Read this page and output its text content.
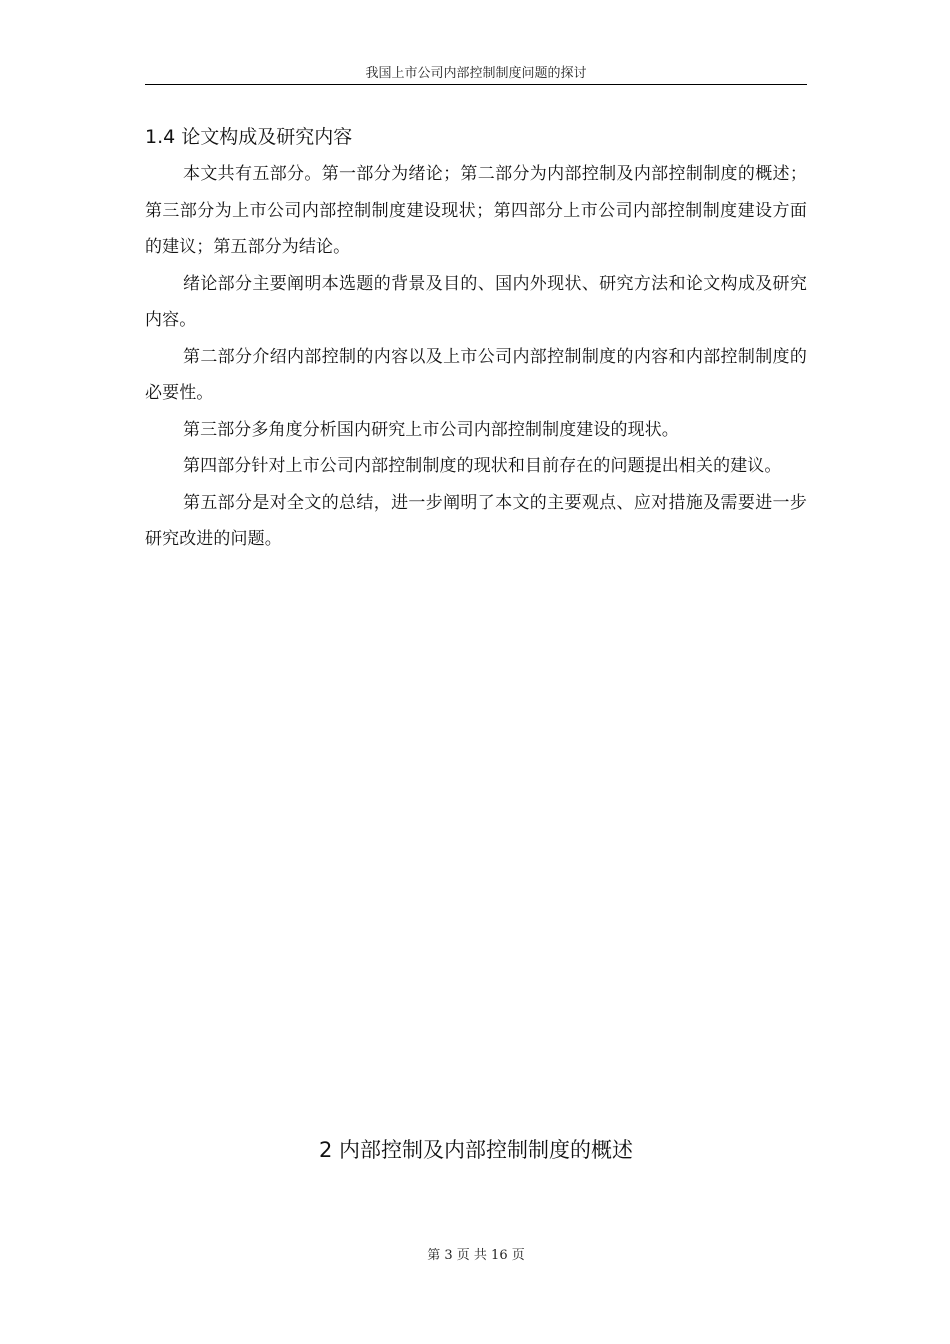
我国上市公司内部控制制度问题的探讨
1.4 论文构成及研究内容

本文共有五部分。第一部分为绪论；第二部分为内部控制及内部控制制度的概述；第三部分为上市公司内部控制制度建设现状；第四部分上市公司内部控制制度建设方面的建议；第五部分为结论。

绪论部分主要阐明本选题的背景及目的、国内外现状、研究方法和论文构成及研究内容。

第二部分介绍内部控制的内容以及上市公司内部控制制度的内容和内部控制制度的必要性。

第三部分多角度分析国内研究上市公司内部控制制度建设的现状。

第四部分针对上市公司内部控制制度的现状和目前存在的问题提出相关的建议。

第五部分是对全文的总结，进一步阐明了本文的主要观点、应对措施及需要进一步研究改进的问题。

2 内部控制及内部控制制度的概述
第 3 页 共 16 页
